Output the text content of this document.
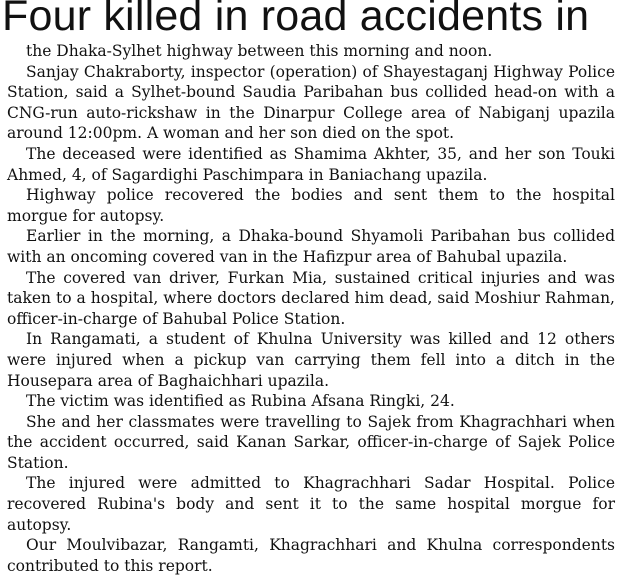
Four killed in road accidents in

the Dhaka-Sylhet highway between this morning and noon.

Sanjay Chakraborty, inspector (operation) of Shayestaganj Highway Police Station, said a Sylhet-bound Saudia Paribahan bus collided head-on with a CNG-run auto-rickshaw in the Dinarpur College area of Nabiganj upazila around 12:00pm. A woman and her son died on the spot.

The deceased were identified as Shamima Akhter, 35, and her son Touki Ahmed, 4, of Sagardighi Paschimpara in Baniachang upazila.

Highway police recovered the bodies and sent them to the hospital morgue for autopsy.

Earlier in the morning, a Dhaka-bound Shyamoli Paribahan bus collided with an oncoming covered van in the Hafizpur area of Bahubal upazila.

The covered van driver, Furkan Mia, sustained critical injuries and was taken to a hospital, where doctors declared him dead, said Moshiur Rahman, officer-in-charge of Bahubal Police Station.

In Rangamati, a student of Khulna University was killed and 12 others were injured when a pickup van carrying them fell into a ditch in the Housepara area of Baghaichhari upazila.

The victim was identified as Rubina Afsana Ringki, 24.

She and her classmates were travelling to Sajek from Khagrachhari when the accident occurred, said Kanan Sarkar, officer-in-charge of Sajek Police Station.

The injured were admitted to Khagrachhari Sadar Hospital. Police recovered Rubina's body and sent it to the same hospital morgue for autopsy.

Our Moulvibazar, Rangamti, Khagrachhari and Khulna correspondents contributed to this report.
